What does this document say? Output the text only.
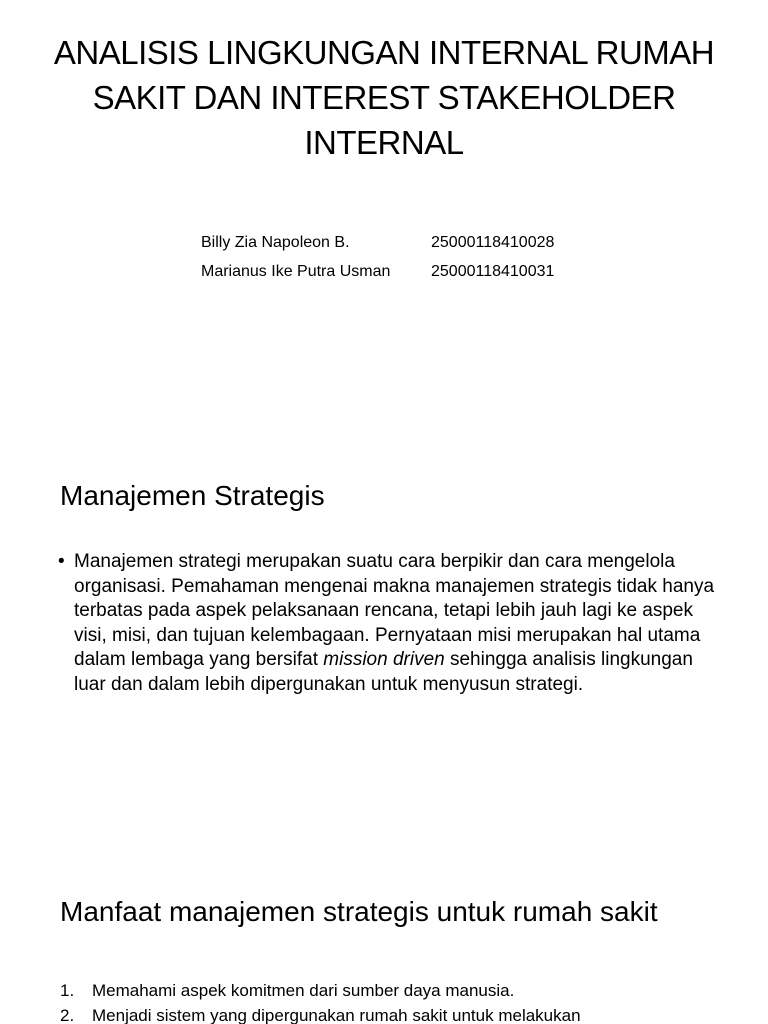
ANALISIS LINGKUNGAN INTERNAL RUMAH SAKIT DAN INTEREST STAKEHOLDER INTERNAL
Billy Zia Napoleon B.	25000118410028
Marianus Ike Putra Usman	25000118410031
Manajemen Strategis
• Manajemen strategi merupakan suatu cara berpikir dan cara mengelola organisasi. Pemahaman mengenai makna manajemen strategis tidak hanya terbatas pada aspek pelaksanaan rencana, tetapi lebih jauh lagi ke aspek visi, misi, dan tujuan kelembagaan. Pernyataan misi merupakan hal utama dalam lembaga yang bersifat mission driven sehingga analisis lingkungan luar dan dalam lebih dipergunakan untuk menyusun strategi.
Manfaat manajemen strategis untuk rumah sakit
1.	Memahami aspek komitmen dari sumber daya manusia.
2.	Menjadi sistem yang dipergunakan rumah sakit untuk melakukan
